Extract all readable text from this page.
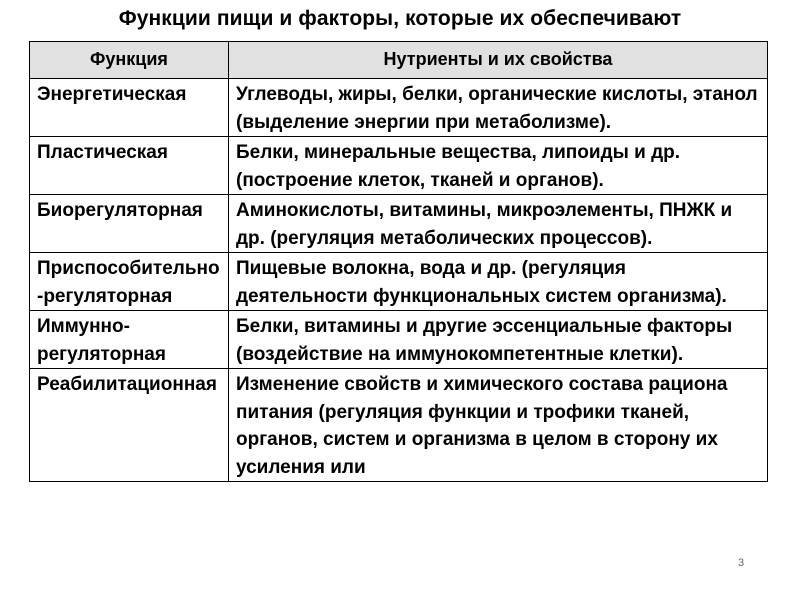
Функции пищи и факторы, которые их обеспечивают
Функция	Нутриенты и их свойства
Энергетическая	Углеводы, жиры, белки, органические кислоты, этанол (выделение энергии при метаболизме).
Пластическая	Белки, минеральные вещества, липоиды и др. (построение клеток, тканей и органов).
Биорегуляторная	Аминокислоты, витамины, микроэлементы, ПНЖК и др. (регуляция метаболических процессов).
Приспособительно-регуляторная	Пищевые волокна, вода и др. (регуляция деятельности функциональных систем организма).
Иммунно-регуляторная	Белки, витамины и другие эссенциальные факторы (воздействие на иммунокомпетентные клетки).
Реабилитационная	Изменение свойств и химического состава рациона питания (регуляция функции и трофики тканей, органов, систем и организма в целом в сторону их усиления или
3
